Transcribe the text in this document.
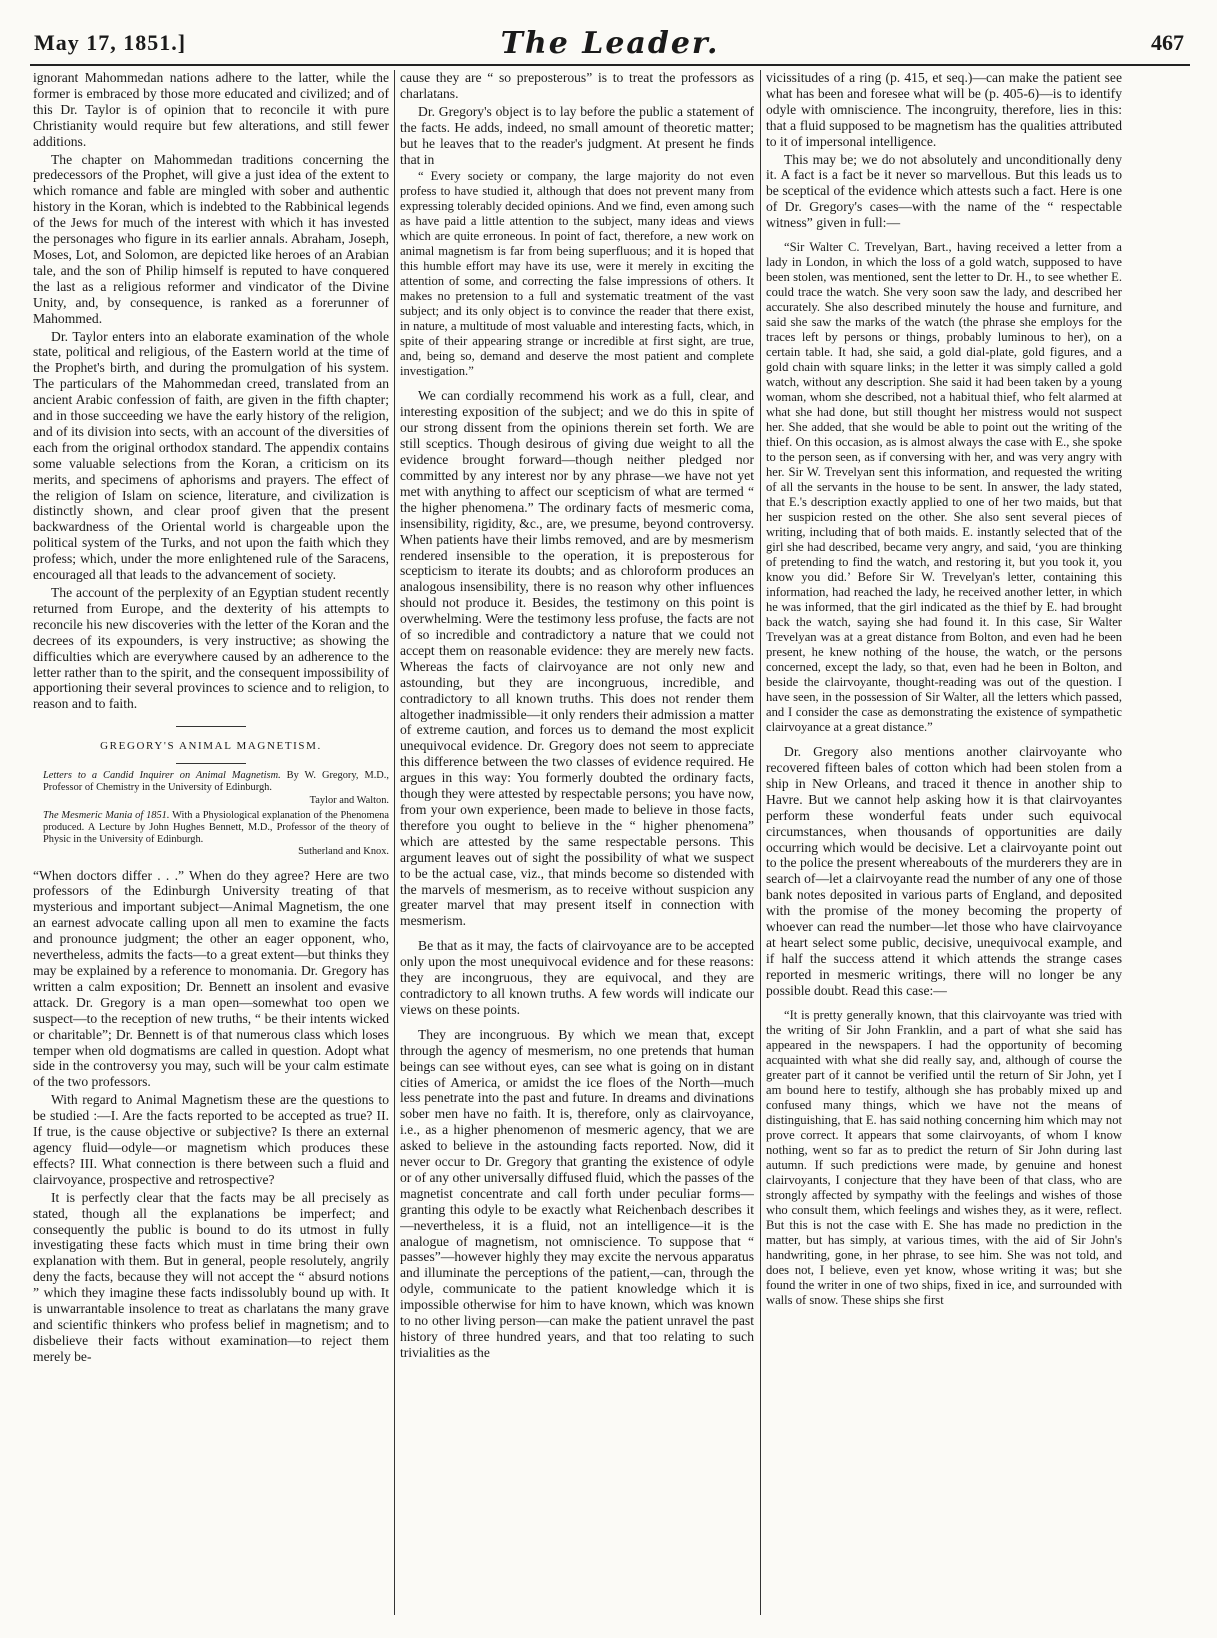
May 17, 1851.]	The Leader.	467

ignorant Mahommedan nations adhere to the latter, while the former is embraced by those more educated and civilized; and of this Dr. Taylor is of opinion that to reconcile it with pure Christianity would require but few alterations, and still fewer additions.

The chapter on Mahommedan traditions concerning the predecessors of the Prophet, will give a just idea of the extent to which romance and fable are mingled with sober and authentic history in the Koran, which is indebted to the Rabbinical legends of the Jews for much of the interest with which it has invested the personages who figure in its earlier annals. Abraham, Joseph, Moses, Lot, and Solomon, are depicted like heroes of an Arabian tale, and the son of Philip himself is reputed to have conquered the last as a religious reformer and vindicator of the Divine Unity, and, by consequence, is ranked as a forerunner of Mahommed.

Dr. Taylor enters into an elaborate examination of the whole state, political and religious, of the Eastern world at the time of the Prophet's birth, and during the promulgation of his system. The particulars of the Mahommedan creed, translated from an ancient Arabic confession of faith, are given in the fifth chapter; and in those succeeding we have the early history of the religion, and of its division into sects, with an account of the diversities of each from the original orthodox standard. The appendix contains some valuable selections from the Koran, a criticism on its merits, and specimens of aphorisms and prayers. The effect of the religion of Islam on science, literature, and civilization is distinctly shown, and clear proof given that the present backwardness of the Oriental world is chargeable upon the political system of the Turks, and not upon the faith which they profess; which, under the more enlightened rule of the Saracens, encouraged all that leads to the advancement of society.

The account of the perplexity of an Egyptian student recently returned from Europe, and the dexterity of his attempts to reconcile his new discoveries with the letter of the Koran and the decrees of its expounders, is very instructive; as showing the difficulties which are everywhere caused by an adherence to the letter rather than to the spirit, and the consequent impossibility of apportioning their several provinces to science and to religion, to reason and to faith.

GREGORY'S ANIMAL MAGNETISM.

Letters to a Candid Inquirer on Animal Magnetism. By W. Gregory, M.D., Professor of Chemistry in the University of Edinburgh.
Taylor and Walton.

The Mesmeric Mania of 1851. With a Physiological explanation of the Phenomena produced. A Lecture by John Hughes Bennett, M.D., Professor of the theory of Physic in the University of Edinburgh.
Sutherland and Knox.

“When doctors differ . . .” When do they agree? Here are two professors of the Edinburgh University treating of that mysterious and important subject—Animal Magnetism, the one an earnest advocate calling upon all men to examine the facts and pronounce judgment; the other an eager opponent, who, nevertheless, admits the facts—to a great extent—but thinks they may be explained by a reference to monomania. Dr. Gregory has written a calm exposition; Dr. Bennett an insolent and evasive attack. Dr. Gregory is a man open—somewhat too open we suspect—to the reception of new truths, “ be their intents wicked or charitable”; Dr. Bennett is of that numerous class which loses temper when old dogmatisms are called in question. Adopt what side in the controversy you may, such will be your calm estimate of the two professors.

With regard to Animal Magnetism these are the questions to be studied :—I. Are the facts reported to be accepted as true? II. If true, is the cause objective or subjective? Is there an external agency fluid—odyle—or magnetism which produces these effects? III. What connection is there between such a fluid and clairvoyance, prospective and retrospective?

It is perfectly clear that the facts may be all precisely as stated, though all the explanations be imperfect; and consequently the public is bound to do its utmost in fully investigating these facts which must in time bring their own explanation with them. But in general, people resolutely, angrily deny the facts, because they will not accept the “ absurd notions ” which they imagine these facts indissolubly bound up with. It is unwarrantable insolence to treat as charlatans the many grave and scientific thinkers who profess belief in magnetism; and to disbelieve their facts without examination—to reject them merely be-

cause they are “ so preposterous” is to treat the professors as charlatans.

Dr. Gregory's object is to lay before the public a statement of the facts. He adds, indeed, no small amount of theoretic matter; but he leaves that to the reader's judgment. At present he finds that in

“ Every society or company, the large majority do not even profess to have studied it, although that does not prevent many from expressing tolerably decided opinions. And we find, even among such as have paid a little attention to the subject, many ideas and views which are quite erroneous. In point of fact, therefore, a new work on animal magnetism is far from being superfluous; and it is hoped that this humble effort may have its use, were it merely in exciting the attention of some, and correcting the false impressions of others. It makes no pretension to a full and systematic treatment of the vast subject; and its only object is to convince the reader that there exist, in nature, a multitude of most valuable and interesting facts, which, in spite of their appearing strange or incredible at first sight, are true, and, being so, demand and deserve the most patient and complete investigation.”

We can cordially recommend his work as a full, clear, and interesting exposition of the subject; and we do this in spite of our strong dissent from the opinions therein set forth. We are still sceptics. Though desirous of giving due weight to all the evidence brought forward—though neither pledged nor committed by any interest nor by any phrase—we have not yet met with anything to affect our scepticism of what are termed “ the higher phenomena.” The ordinary facts of mesmeric coma, insensibility, rigidity, &c., are, we presume, beyond controversy. When patients have their limbs removed, and are by mesmerism rendered insensible to the operation, it is preposterous for scepticism to iterate its doubts; and as chloroform produces an analogous insensibility, there is no reason why other influences should not produce it. Besides, the testimony on this point is overwhelming. Were the testimony less profuse, the facts are not of so incredible and contradictory a nature that we could not accept them on reasonable evidence: they are merely new facts. Whereas the facts of clairvoyance are not only new and astounding, but they are incongruous, incredible, and contradictory to all known truths. This does not render them altogether inadmissible—it only renders their admission a matter of extreme caution, and forces us to demand the most explicit unequivocal evidence. Dr. Gregory does not seem to appreciate this difference between the two classes of evidence required. He argues in this way: You formerly doubted the ordinary facts, though they were attested by respectable persons; you have now, from your own experience, been made to believe in those facts, therefore you ought to believe in the “ higher phenomena” which are attested by the same respectable persons. This argument leaves out of sight the possibility of what we suspect to be the actual case, viz., that minds become so distended with the marvels of mesmerism, as to receive without suspicion any greater marvel that may present itself in connection with mesmerism.

Be that as it may, the facts of clairvoyance are to be accepted only upon the most unequivocal evidence and for these reasons: they are incongruous, they are equivocal, and they are contradictory to all known truths. A few words will indicate our views on these points.

They are incongruous. By which we mean that, except through the agency of mesmerism, no one pretends that human beings can see without eyes, can see what is going on in distant cities of America, or amidst the ice floes of the North—much less penetrate into the past and future. In dreams and divinations sober men have no faith. It is, therefore, only as clairvoyance, i.e., as a higher phenomenon of mesmeric agency, that we are asked to believe in the astounding facts reported. Now, did it never occur to Dr. Gregory that granting the existence of odyle or of any other universally diffused fluid, which the passes of the magnetist concentrate and call forth under peculiar forms—granting this odyle to be exactly what Reichenbach describes it—nevertheless, it is a fluid, not an intelligence—it is the analogue of magnetism, not omniscience. To suppose that “ passes”—however highly they may excite the nervous apparatus and illuminate the perceptions of the patient,—can, through the odyle, communicate to the patient knowledge which it is impossible otherwise for him to have known, which was known to no other living person—can make the patient unravel the past history of three hundred years, and that too relating to such trivialities as the

vicissitudes of a ring (p. 415, et seq.)—can make the patient see what has been and foresee what will be (p. 405-6)—is to identify odyle with omniscience. The incongruity, therefore, lies in this: that a fluid supposed to be magnetism has the qualities attributed to it of impersonal intelligence.

This may be; we do not absolutely and unconditionally deny it. A fact is a fact be it never so marvellous. But this leads us to be sceptical of the evidence which attests such a fact. Here is one of Dr. Gregory's cases—with the name of the “ respectable witness” given in full:—

“Sir Walter C. Trevelyan, Bart., having received a letter from a lady in London, in which the loss of a gold watch, supposed to have been stolen, was mentioned, sent the letter to Dr. H., to see whether E. could trace the watch. She very soon saw the lady, and described her accurately. She also described minutely the house and furniture, and said she saw the marks of the watch (the phrase she employs for the traces left by persons or things, probably luminous to her), on a certain table. It had, she said, a gold dial-plate, gold figures, and a gold chain with square links; in the letter it was simply called a gold watch, without any description. She said it had been taken by a young woman, whom she described, not a habitual thief, who felt alarmed at what she had done, but still thought her mistress would not suspect her. She added, that she would be able to point out the writing of the thief. On this occasion, as is almost always the case with E., she spoke to the person seen, as if conversing with her, and was very angry with her. Sir W. Trevelyan sent this information, and requested the writing of all the servants in the house to be sent. In answer, the lady stated, that E.'s description exactly applied to one of her two maids, but that her suspicion rested on the other. She also sent several pieces of writing, including that of both maids. E. instantly selected that of the girl she had described, became very angry, and said, ‘you are thinking of pretending to find the watch, and restoring it, but you took it, you know you did.’ Before Sir W. Trevelyan's letter, containing this information, had reached the lady, he received another letter, in which he was informed, that the girl indicated as the thief by E. had brought back the watch, saying she had found it. In this case, Sir Walter Trevelyan was at a great distance from Bolton, and even had he been present, he knew nothing of the house, the watch, or the persons concerned, except the lady, so that, even had he been in Bolton, and beside the clairvoyante, thought-reading was out of the question. I have seen, in the possession of Sir Walter, all the letters which passed, and I consider the case as demonstrating the existence of sympathetic clairvoyance at a great distance.”

Dr. Gregory also mentions another clairvoyante who recovered fifteen bales of cotton which had been stolen from a ship in New Orleans, and traced it thence in another ship to Havre. But we cannot help asking how it is that clairvoyantes perform these wonderful feats under such equivocal circumstances, when thousands of opportunities are daily occurring which would be decisive. Let a clairvoyante point out to the police the present whereabouts of the murderers they are in search of—let a clairvoyante read the number of any one of those bank notes deposited in various parts of England, and deposited with the promise of the money becoming the property of whoever can read the number—let those who have clairvoyance at heart select some public, decisive, unequivocal example, and if half the success attend it which attends the strange cases reported in mesmeric writings, there will no longer be any possible doubt. Read this case:—

“It is pretty generally known, that this clairvoyante was tried with the writing of Sir John Franklin, and a part of what she said has appeared in the newspapers. I had the opportunity of becoming acquainted with what she did really say, and, although of course the greater part of it cannot be verified until the return of Sir John, yet I am bound here to testify, although she has probably mixed up and confused many things, which we have not the means of distinguishing, that E. has said nothing concerning him which may not prove correct. It appears that some clairvoyants, of whom I know nothing, went so far as to predict the return of Sir John during last autumn. If such predictions were made, by genuine and honest clairvoyants, I conjecture that they have been of that class, who are strongly affected by sympathy with the feelings and wishes of those who consult them, which feelings and wishes they, as it were, reflect. But this is not the case with E. She has made no prediction in the matter, but has simply, at various times, with the aid of Sir John's handwriting, gone, in her phrase, to see him. She was not told, and does not, I believe, even yet know, whose writing it was; but she found the writer in one of two ships, fixed in ice, and surrounded with walls of snow. These ships she first
